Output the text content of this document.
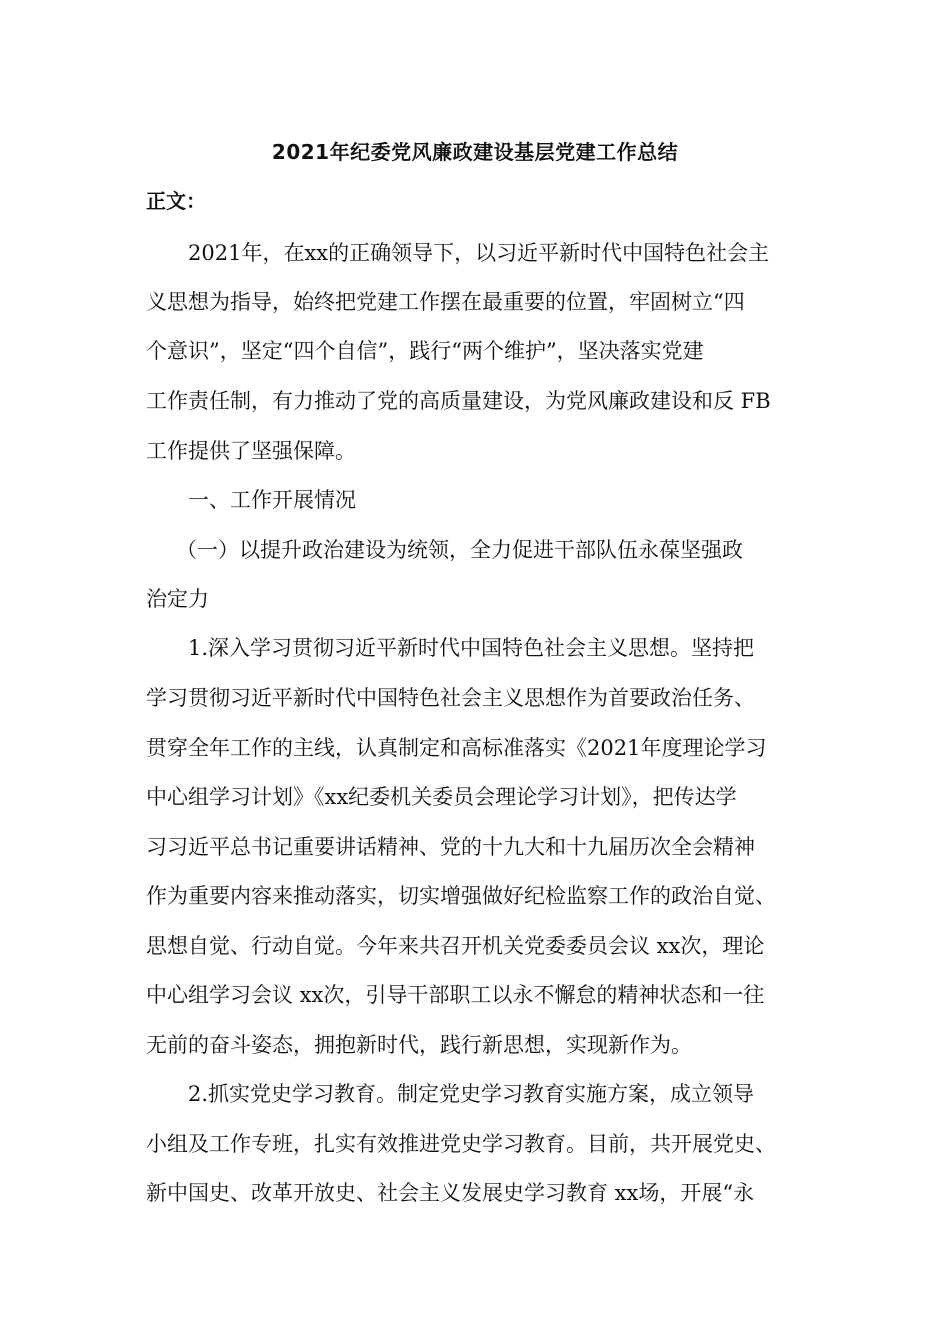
2021年纪委党风廉政建设基层党建工作总结
正文：
2021年，在xx的正确领导下，以习近平新时代中国特色社会主
义思想为指导，始终把党建工作摆在最重要的位置，牢固树立“四
个意识”，坚定“四个自信”，践行“两个维护”，坚决落实党建
工作责任制，有力推动了党的高质量建设，为党风廉政建设和反 FB
工作提供了坚强保障。
一、工作开展情况
（一）以提升政治建设为统领，全力促进干部队伍永葆坚强政
治定力
1.深入学习贯彻习近平新时代中国特色社会主义思想。坚持把
学习贯彻习近平新时代中国特色社会主义思想作为首要政治任务、
贯穿全年工作的主线，认真制定和高标准落实《2021年度理论学习
中心组学习计划》《xx纪委机关委员会理论学习计划》，把传达学
习习近平总书记重要讲话精神、党的十九大和十九届历次全会精神
作为重要内容来推动落实，切实增强做好纪检监察工作的政治自觉、
思想自觉、行动自觉。今年来共召开机关党委委员会议 xx次，理论
中心组学习会议 xx次，引导干部职工以永不懈怠的精神状态和一往
无前的奋斗姿态，拥抱新时代，践行新思想，实现新作为。
2.抓实党史学习教育。制定党史学习教育实施方案，成立领导
小组及工作专班，扎实有效推进党史学习教育。目前，共开展党史、
新中国史、改革开放史、社会主义发展史学习教育 xx场，开展“永
